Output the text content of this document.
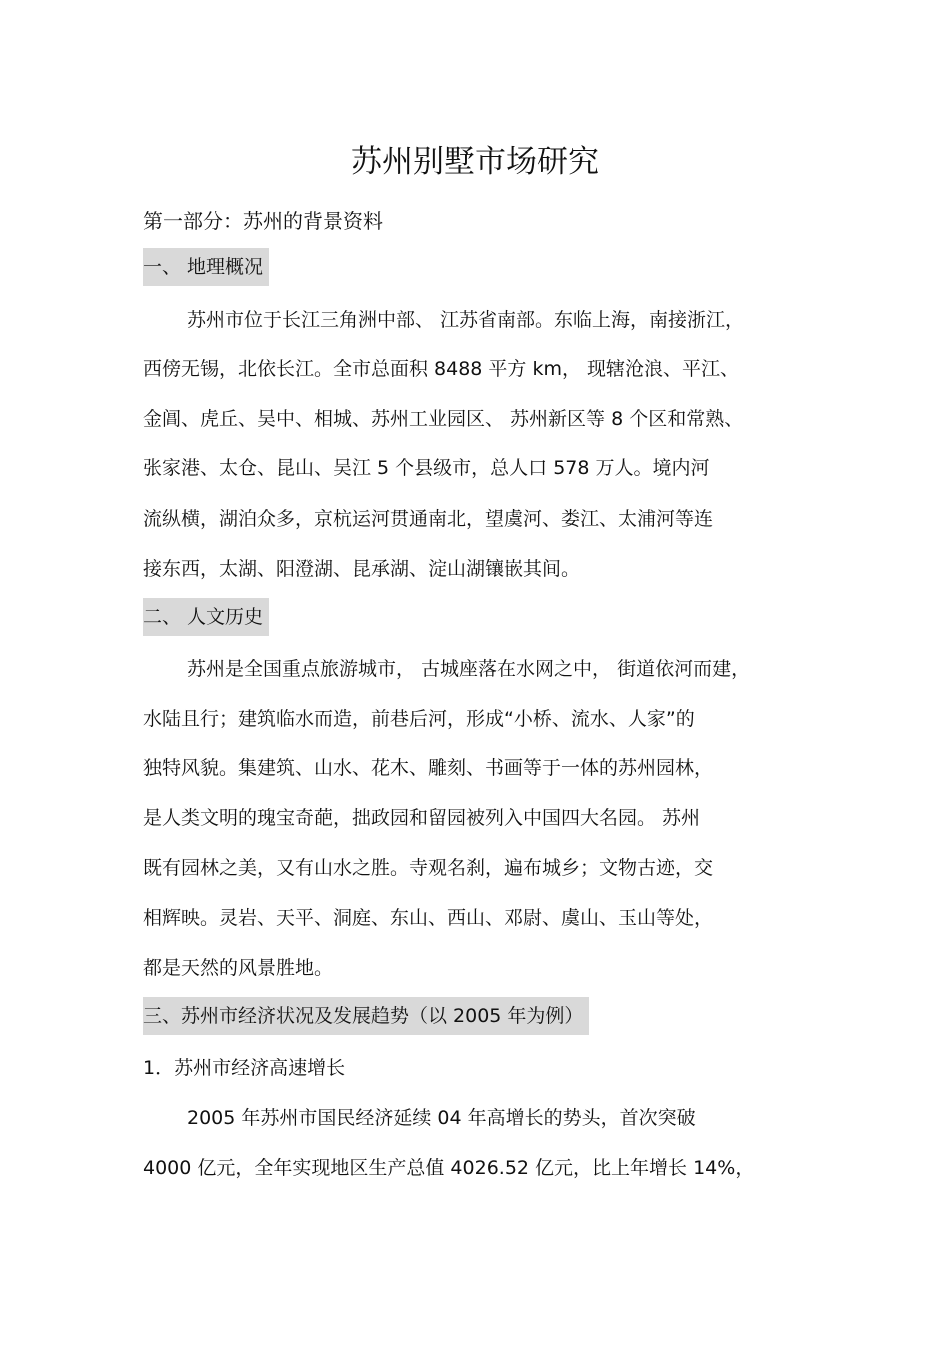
苏州别墅市场研究
第一部分：苏州的背景资料
一、 地理概况
苏州市位于长江三角洲中部、 江苏省南部。东临上海，南接浙江，
西傍无锡，北依长江。全市总面积 8488 平方 km， 现辖沧浪、平江、
金阊、虎丘、吴中、相城、苏州工业园区、 苏州新区等 8 个区和常熟、
张家港、太仓、昆山、吴江 5 个县级市，总人口 578 万人。境内河
流纵横，湖泊众多，京杭运河贯通南北，望虞河、娄江、太浦河等连
接东西，太湖、阳澄湖、昆承湖、淀山湖镶嵌其间。
二、 人文历史
苏州是全国重点旅游城市， 古城座落在水网之中， 街道依河而建，
水陆且行；建筑临水而造，前巷后河，形成“小桥、流水、人家”的
独特风貌。集建筑、山水、花木、雕刻、书画等于一体的苏州园林，
是人类文明的瑰宝奇葩，拙政园和留园被列入中国四大名园。 苏州
既有园林之美，又有山水之胜。寺观名刹，遍布城乡；文物古迹，交
相辉映。灵岩、天平、洞庭、东山、西山、邓尉、虞山、玉山等处，
都是天然的风景胜地。
三、苏州市经济状况及发展趋势（以 2005 年为例）
1．苏州市经济高速增长
2005 年苏州市国民经济延续 04 年高增长的势头，首次突破
4000 亿元，全年实现地区生产总值 4026.52 亿元，比上年增长 14%，
